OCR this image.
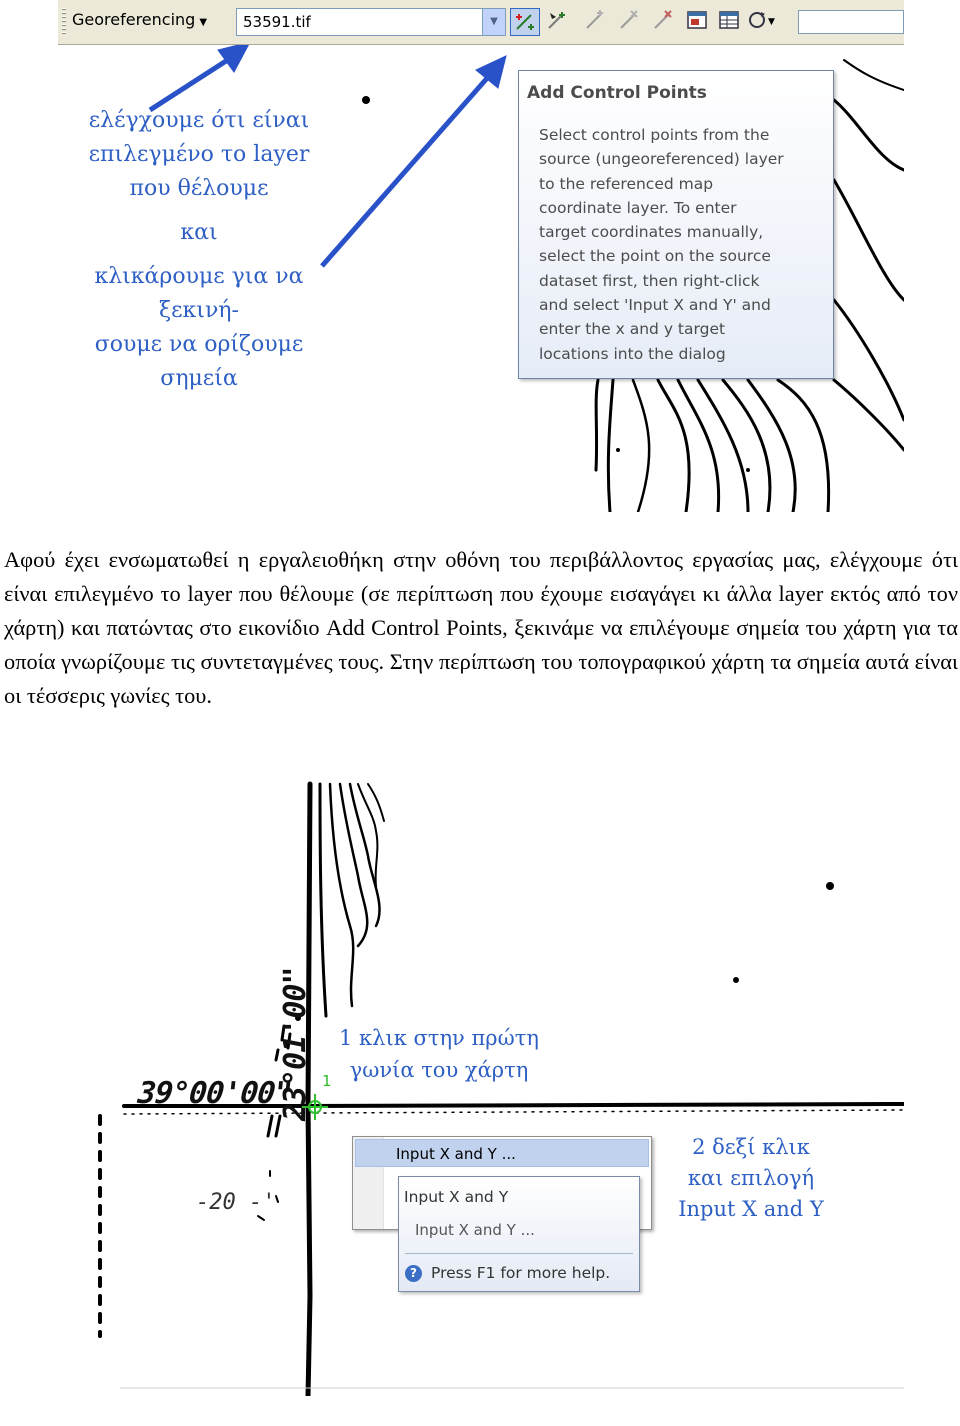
Georeferencing ▼ 53591.tif	▼	▼
ελέγχουμε ότι είναι
επιλεγμένο το layer
που θέλουμε
και
κλικάρουμε για να ξεκινή-
σουμε να ορίζουμε σημεία
Add Control Points
Select control points from the
source (ungeoreferenced) layer
to the referenced map
coordinate layer. To enter
target coordinates manually,
select the point on the source
dataset first, then right-click
and select 'Input X and Y' and
enter the x and y target
locations into the dialog

Αφού έχει ενσωματωθεί η εργαλειοθήκη στην οθόνη του περιβάλλοντος εργασίας μας, ελέγχουμε ότι είναι επιλεγμένο το layer που θέλουμε (σε περίπτωση που έχουμε εισαγάγει κι άλλα layer εκτός από τον χάρτη) και πατώντας στο εικονίδιο Add Control Points, ξεκινάμε να επιλέγουμε σημεία του χάρτη για τα οποία γνωρίζουμε τις συντεταγμένες τους. Στην περίπτωση του τοπογραφικού χάρτη τα σημεία αυτά είναι οι τέσσερις γωνίες του.

39°00'00"
23°01'00"
-20 -'
1
1 κλικ στην πρώτη
γωνία του χάρτη
2 δεξί κλικ
και επιλογή
Input X and Y
Input X and Y ...
Input X and Y
Input X and Y ...
? Press F1 for more help.
